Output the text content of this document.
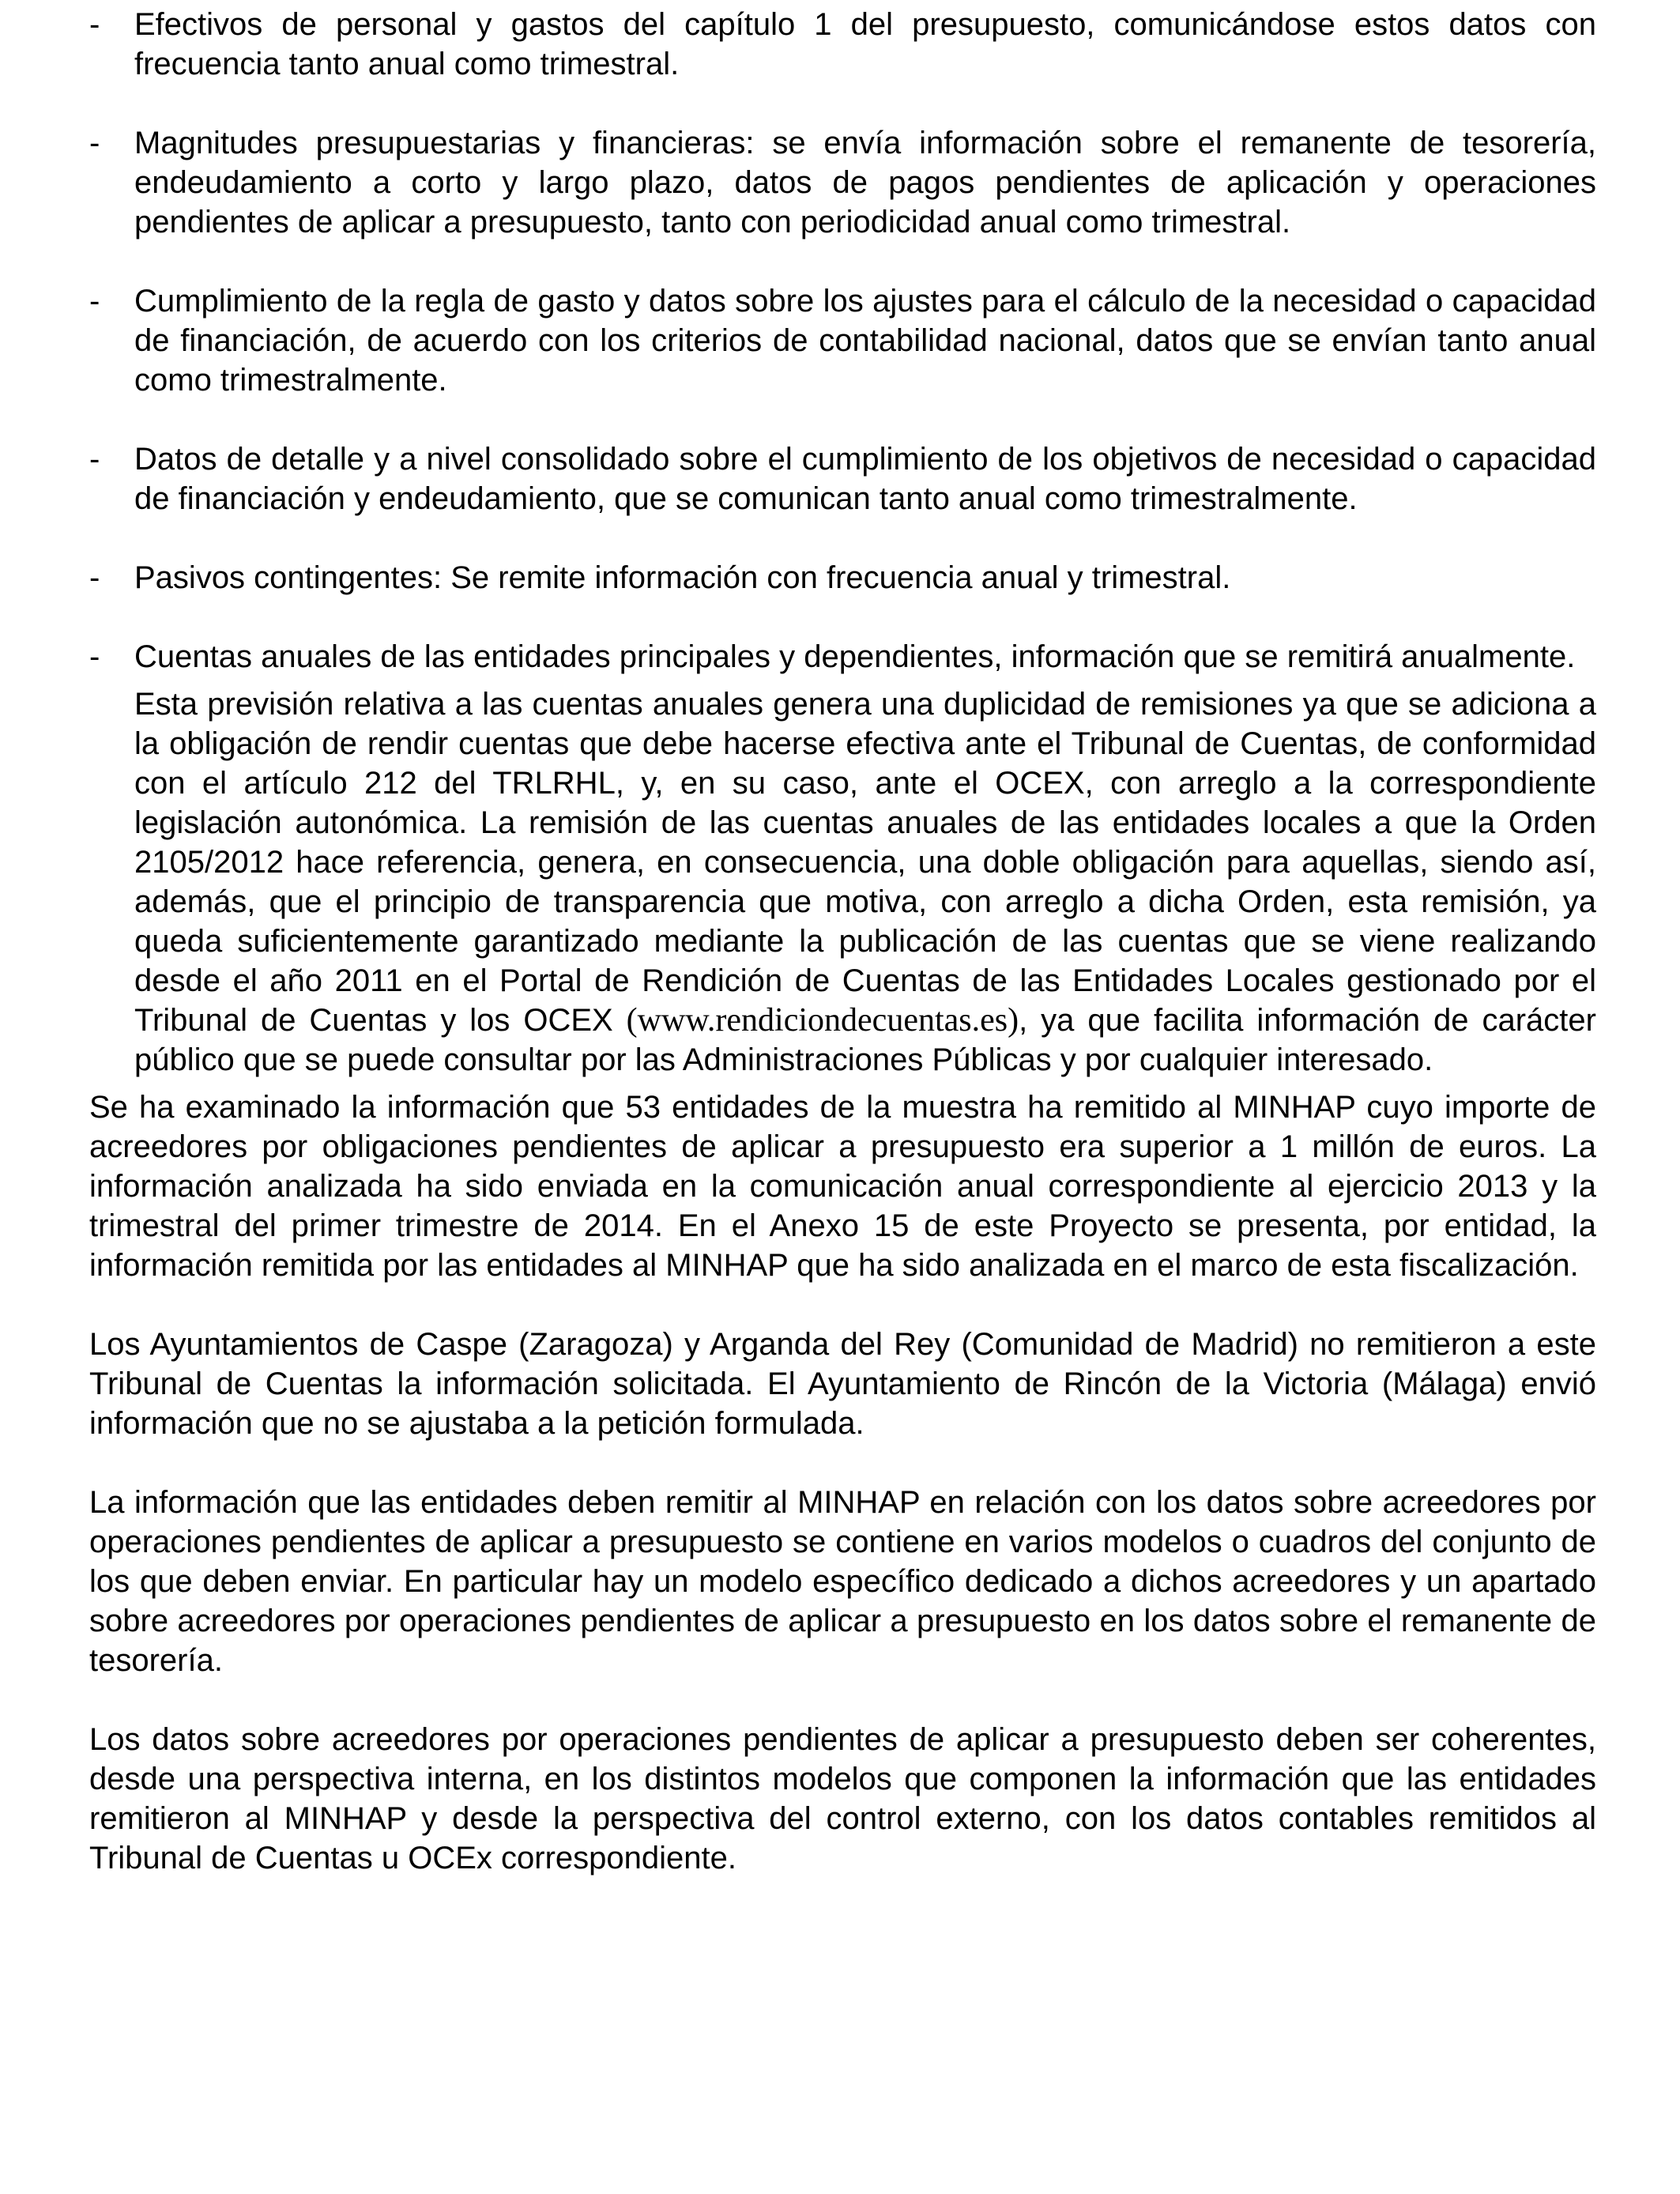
- Efectivos de personal y gastos del capítulo 1 del presupuesto, comunicándose estos datos con frecuencia tanto anual como trimestral.
- Magnitudes presupuestarias y financieras: se envía información sobre el remanente de tesorería, endeudamiento a corto y largo plazo, datos de pagos pendientes de aplicación y operaciones pendientes de aplicar a presupuesto, tanto con periodicidad anual como trimestral.
- Cumplimiento de la regla de gasto y datos sobre los ajustes para el cálculo de la necesidad o capacidad de financiación, de acuerdo con los criterios de contabilidad nacional, datos que se envían tanto anual como trimestralmente.
- Datos de detalle y a nivel consolidado sobre el cumplimiento de los objetivos de necesidad o capacidad de financiación y endeudamiento, que se comunican tanto anual como trimestralmente.
- Pasivos contingentes: Se remite información con frecuencia anual y trimestral.
- Cuentas anuales de las entidades principales y dependientes, información que se remitirá anualmente.

Esta previsión relativa a las cuentas anuales genera una duplicidad de remisiones ya que se adiciona a la obligación de rendir cuentas que debe hacerse efectiva ante el Tribunal de Cuentas, de conformidad con el artículo 212 del TRLRHL, y, en su caso, ante el OCEX, con arreglo a la correspondiente legislación autonómica. La remisión de las cuentas anuales de las entidades locales a que la Orden 2105/2012 hace referencia, genera, en consecuencia, una doble obligación para aquellas, siendo así, además, que el principio de transparencia que motiva, con arreglo a dicha Orden, esta remisión, ya queda suficientemente garantizado mediante la publicación de las cuentas que se viene realizando desde el año 2011 en el Portal de Rendición de Cuentas de las Entidades Locales gestionado por el Tribunal de Cuentas y los OCEX (www.rendiciondecuentas.es), ya que facilita información de carácter público que se puede consultar por las Administraciones Públicas y por cualquier interesado.

Se ha examinado la información que 53 entidades de la muestra ha remitido al MINHAP cuyo importe de acreedores por obligaciones pendientes de aplicar a presupuesto era superior a 1 millón de euros. La información analizada ha sido enviada en la comunicación anual correspondiente al ejercicio 2013 y la trimestral del primer trimestre de 2014. En el Anexo 15 de este Proyecto se presenta, por entidad, la información remitida por las entidades al MINHAP que ha sido analizada en el marco de esta fiscalización.

Los Ayuntamientos de Caspe (Zaragoza) y Arganda del Rey (Comunidad de Madrid) no remitieron a este Tribunal de Cuentas la información solicitada. El Ayuntamiento de Rincón de la Victoria (Málaga) envió información que no se ajustaba a la petición formulada.

La información que las entidades deben remitir al MINHAP en relación con los datos sobre acreedores por operaciones pendientes de aplicar a presupuesto se contiene en varios modelos o cuadros del conjunto de los que deben enviar. En particular hay un modelo específico dedicado a dichos acreedores y un apartado sobre acreedores por operaciones pendientes de aplicar a presupuesto en los datos sobre el remanente de tesorería.

Los datos sobre acreedores por operaciones pendientes de aplicar a presupuesto deben ser coherentes, desde una perspectiva interna, en los distintos modelos que componen la información que las entidades remitieron al MINHAP y desde la perspectiva del control externo, con los datos contables remitidos al Tribunal de Cuentas u OCEx correspondiente.
